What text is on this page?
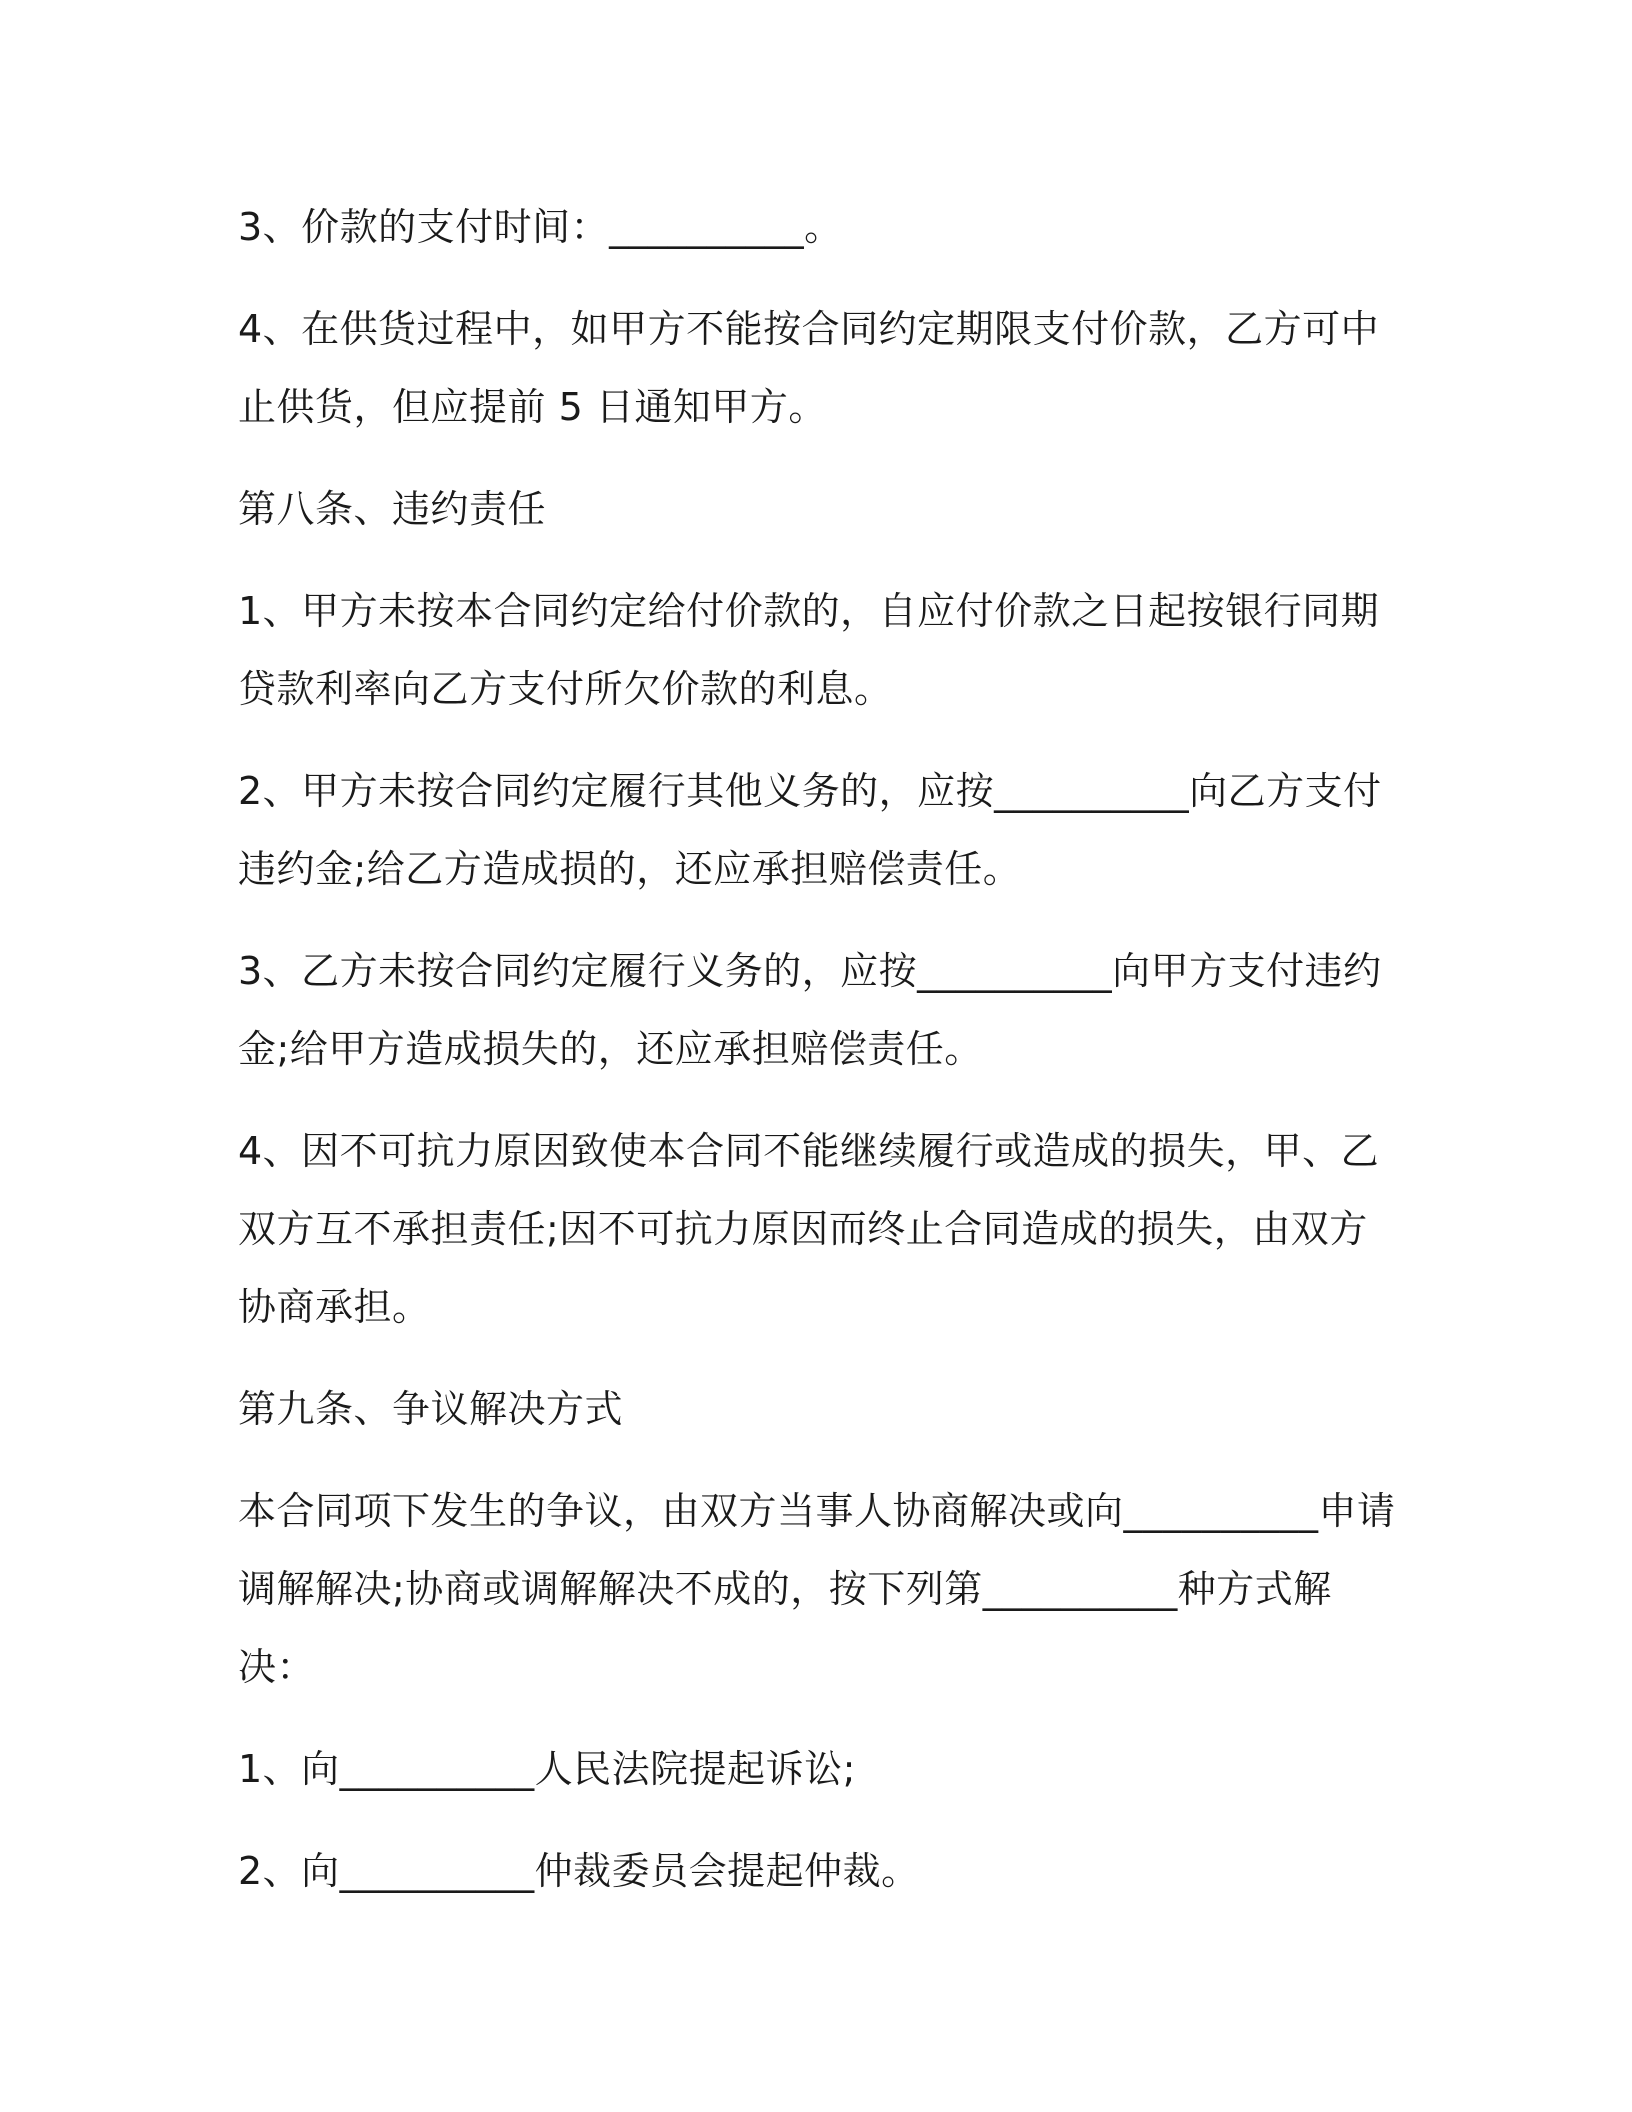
3、价款的支付时间：__________。

4、在供货过程中，如甲方不能按合同约定期限支付价款，乙方可中止供货，但应提前 5 日通知甲方。

第八条、违约责任

1、甲方未按本合同约定给付价款的，自应付价款之日起按银行同期贷款利率向乙方支付所欠价款的利息。

2、甲方未按合同约定履行其他义务的，应按__________向乙方支付违约金;给乙方造成损的，还应承担赔偿责任。

3、乙方未按合同约定履行义务的，应按__________向甲方支付违约金;给甲方造成损失的，还应承担赔偿责任。

4、因不可抗力原因致使本合同不能继续履行或造成的损失，甲、乙双方互不承担责任;因不可抗力原因而终止合同造成的损失，由双方协商承担。

第九条、争议解决方式

本合同项下发生的争议，由双方当事人协商解决或向__________申请调解解决;协商或调解解决不成的，按下列第__________种方式解决：

1、向__________人民法院提起诉讼;

2、向__________仲裁委员会提起仲裁。
